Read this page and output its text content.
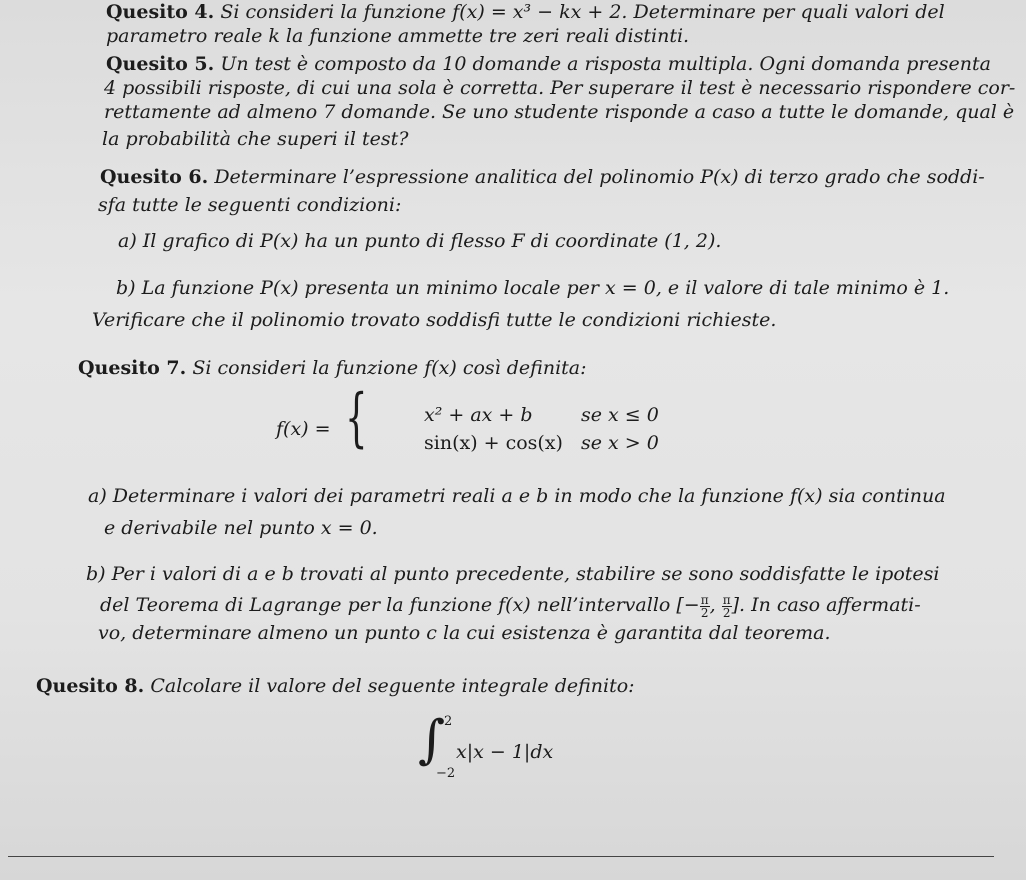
Quesito 4. Si consideri la funzione f(x) = x³ − kx + 2. Determinare per quali valori del
parametro reale k la funzione ammette tre zeri reali distinti.
Quesito 5. Un test è composto da 10 domande a risposta multipla. Ogni domanda presenta
4 possibili risposte, di cui una sola è corretta. Per superare il test è necessario rispondere cor-
rettamente ad almeno 7 domande. Se uno studente risponde a caso a tutte le domande, qual è
la probabilità che superi il test?
Quesito 6. Determinare l’espressione analitica del polinomio P(x) di terzo grado che soddi-
sfa tutte le seguenti condizioni:
a) Il grafico di P(x) ha un punto di flesso F di coordinate (1, 2).
b) La funzione P(x) presenta un minimo locale per x = 0, e il valore di tale minimo è 1.
Verificare che il polinomio trovato soddisfi tutte le condizioni richieste.
Quesito 7. Si consideri la funzione f(x) così definita:
f(x) = {	x² + ax + b	se x ≤ 0
sin(x) + cos(x) se x > 0
a) Determinare i valori dei parametri reali a e b in modo che la funzione f(x) sia continua
e derivabile nel punto x = 0.
b) Per i valori di a e b trovati al punto precedente, stabilire se sono soddisfatte le ipotesi
del Teorema di Lagrange per la funzione f(x) nell’intervallo [− $\frac{\pi}{2}$ , $\frac{\pi}{2}$ ]. In caso affermati-
vo, determinare almeno un punto c la cui esistenza è garantita dal teorema.
Quesito 8. Calcolare il valore del seguente integrale definito:
∫
2
−2
x|x − 1|dx
